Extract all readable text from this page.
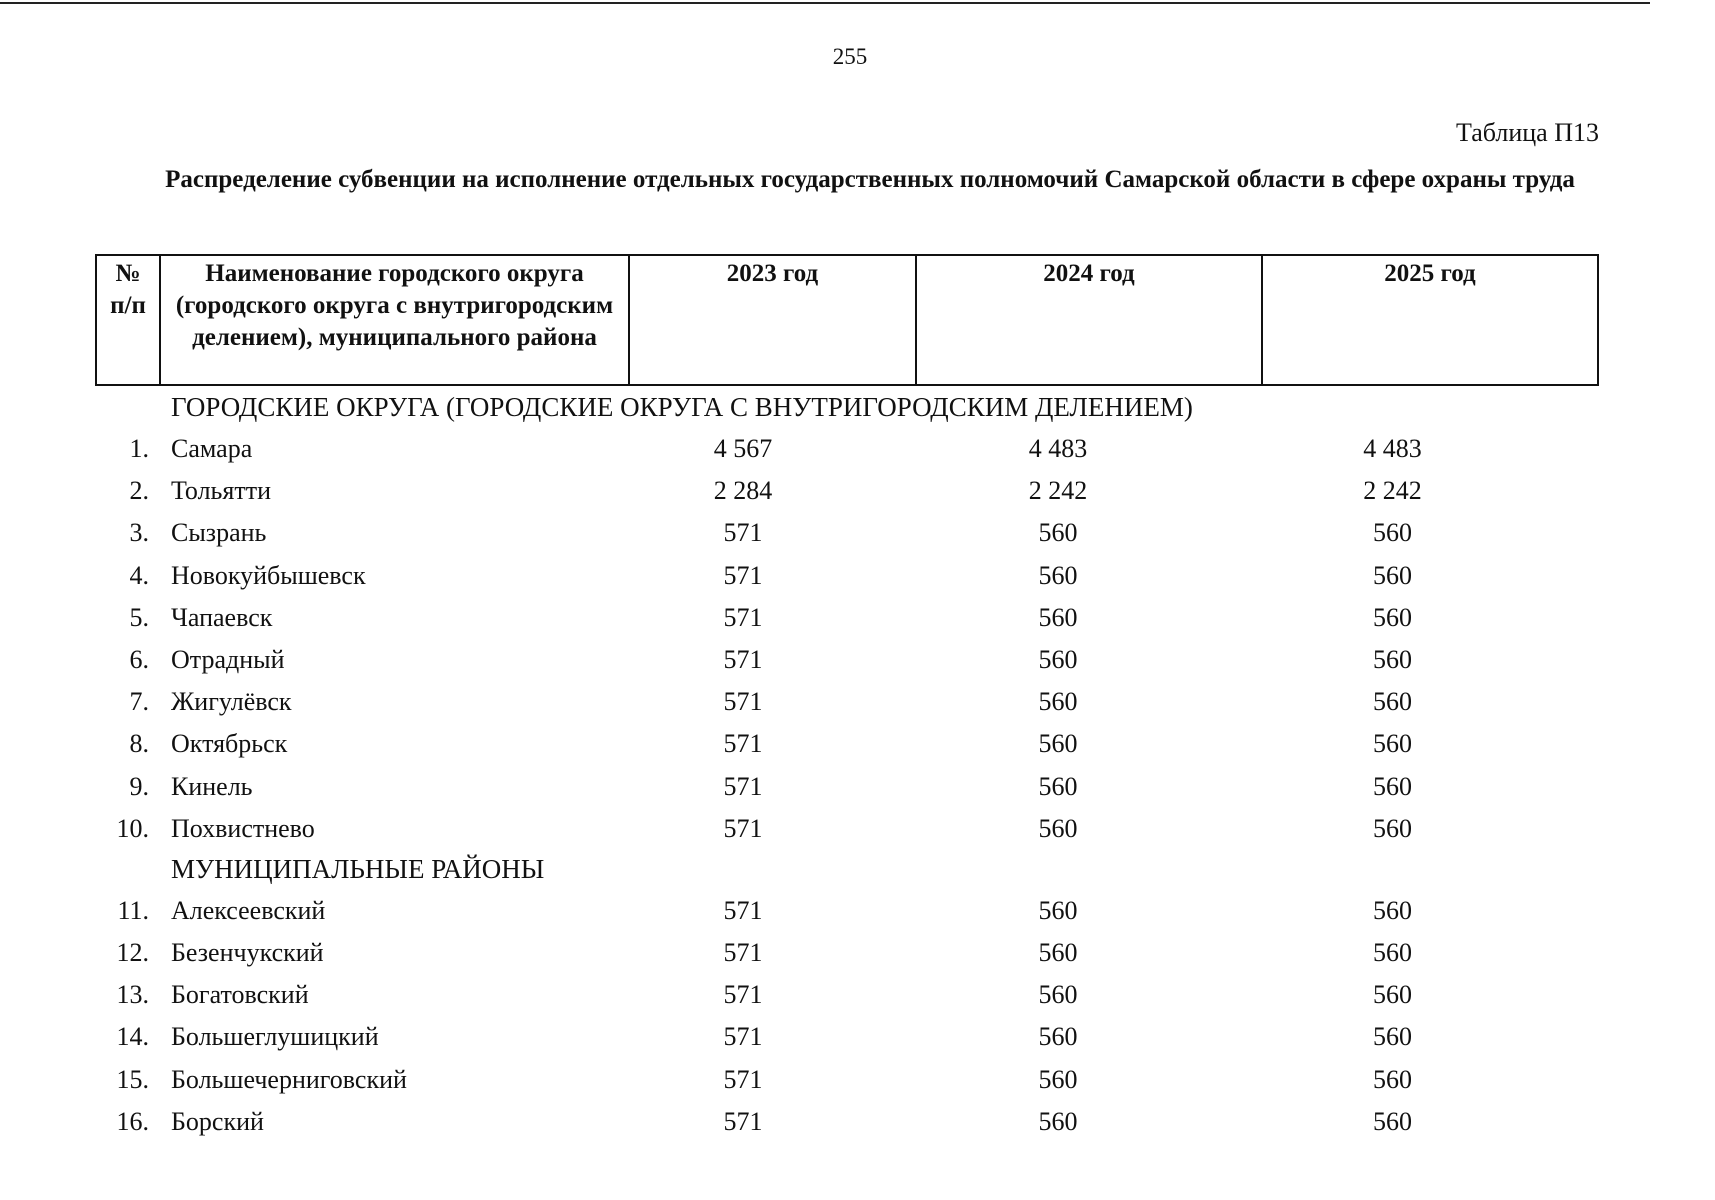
255
Таблица П13
Распределение субвенции на исполнение отдельных государственных полномочий Самарской области в сфере охраны труда
№ п/п	Наименование городского округа (городского округа с внутригородским делением), муниципального района	2023 год	2024 год	2025 год
ГОРОДСКИЕ ОКРУГА (ГОРОДСКИЕ ОКРУГА С ВНУТРИГОРОДСКИМ ДЕЛЕНИЕМ)
1. Самара	4 567	4 483	4 483
2. Тольятти	2 284	2 242	2 242
3. Сызрань	571	560	560
4. Новокуйбышевск	571	560	560
5. Чапаевск	571	560	560
6. Отрадный	571	560	560
7. Жигулёвск	571	560	560
8. Октябрьск	571	560	560
9. Кинель	571	560	560
10. Похвистнево	571	560	560
МУНИЦИПАЛЬНЫЕ РАЙОНЫ
11. Алексеевский	571	560	560
12. Безенчукский	571	560	560
13. Богатовский	571	560	560
14. Большеглушицкий	571	560	560
15. Большечерниговский	571	560	560
16. Борский	571	560	560
